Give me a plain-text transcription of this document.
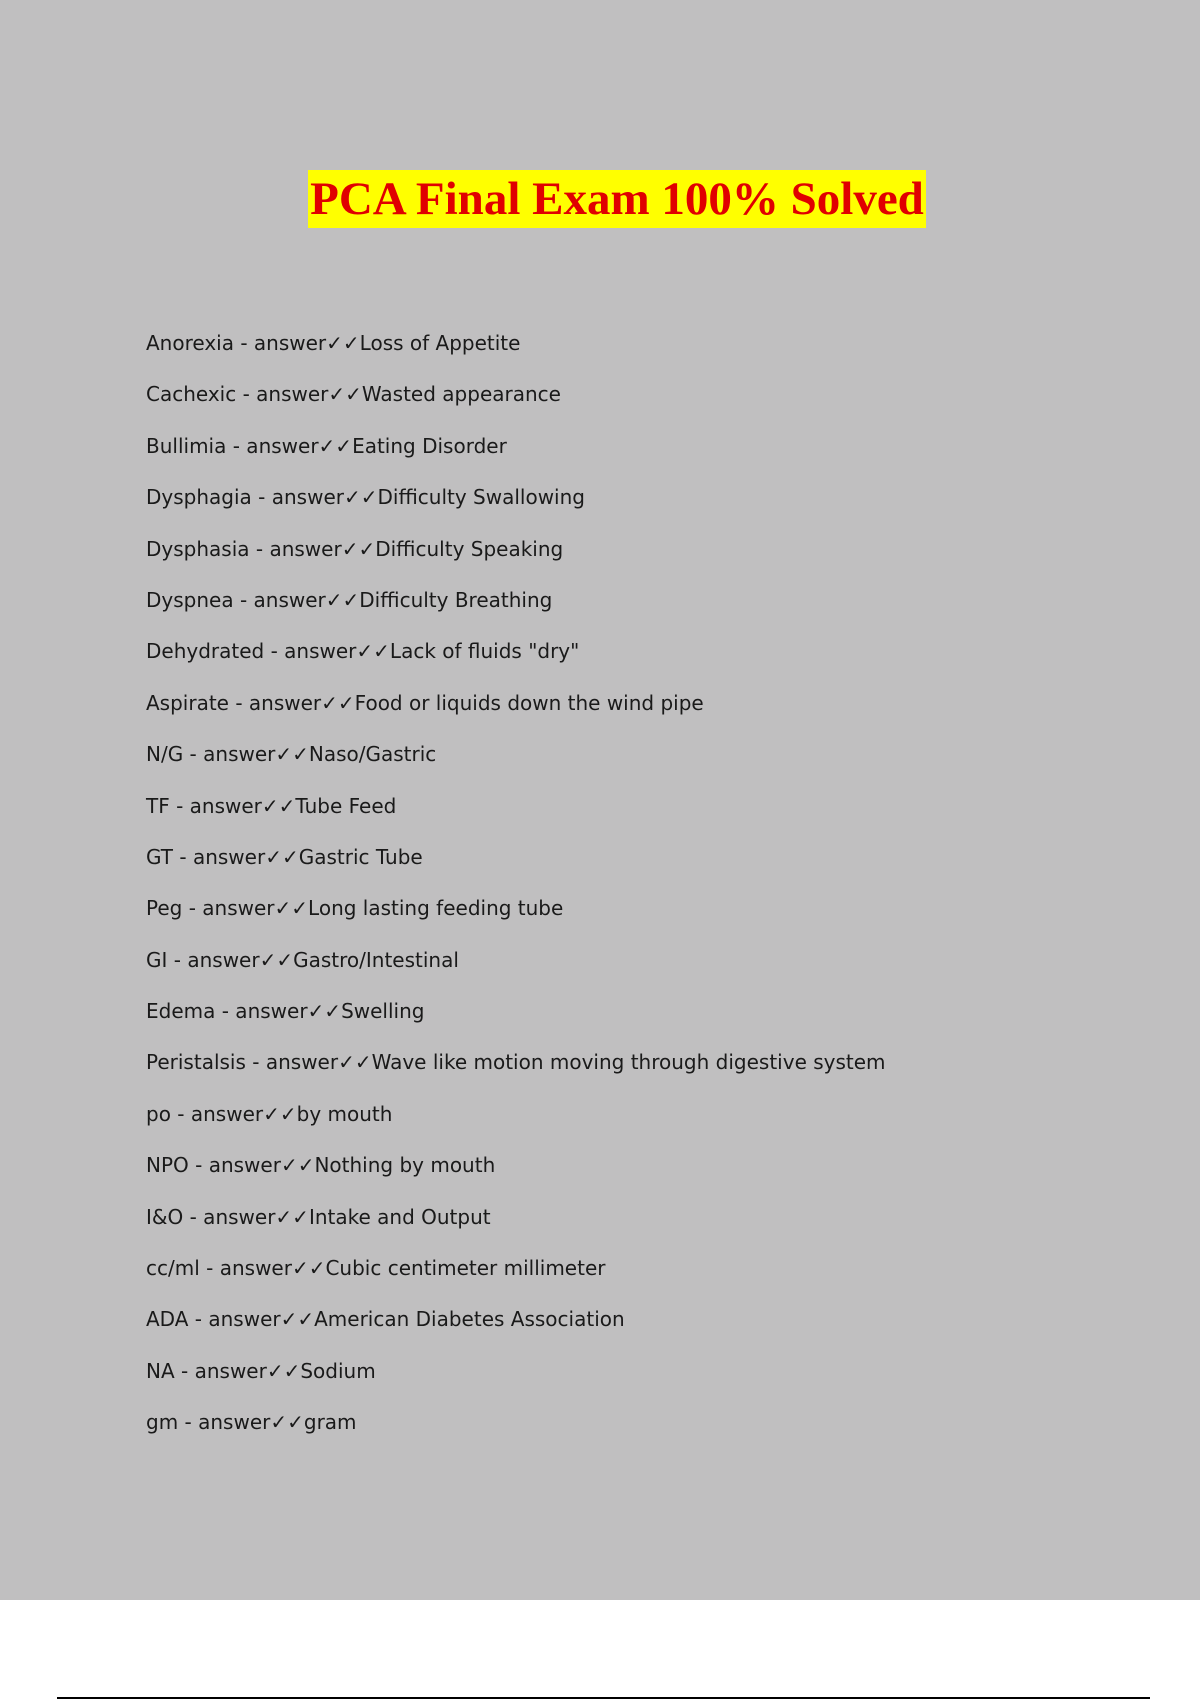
PCA Final Exam 100% Solved
Anorexia - answer✓✓Loss of Appetite
Cachexic - answer✓✓Wasted appearance
Bullimia - answer✓✓Eating Disorder
Dysphagia - answer✓✓Difficulty Swallowing
Dysphasia - answer✓✓Difficulty Speaking
Dyspnea - answer✓✓Difficulty Breathing
Dehydrated - answer✓✓Lack of fluids "dry"
Aspirate - answer✓✓Food or liquids down the wind pipe
N/G - answer✓✓Naso/Gastric
TF - answer✓✓Tube Feed
GT - answer✓✓Gastric Tube
Peg - answer✓✓Long lasting feeding tube
GI - answer✓✓Gastro/Intestinal
Edema - answer✓✓Swelling
Peristalsis - answer✓✓Wave like motion moving through digestive system
po - answer✓✓by mouth
NPO - answer✓✓Nothing by mouth
I&O - answer✓✓Intake and Output
cc/ml - answer✓✓Cubic centimeter millimeter
ADA - answer✓✓American Diabetes Association
NA - answer✓✓Sodium
gm - answer✓✓gram
